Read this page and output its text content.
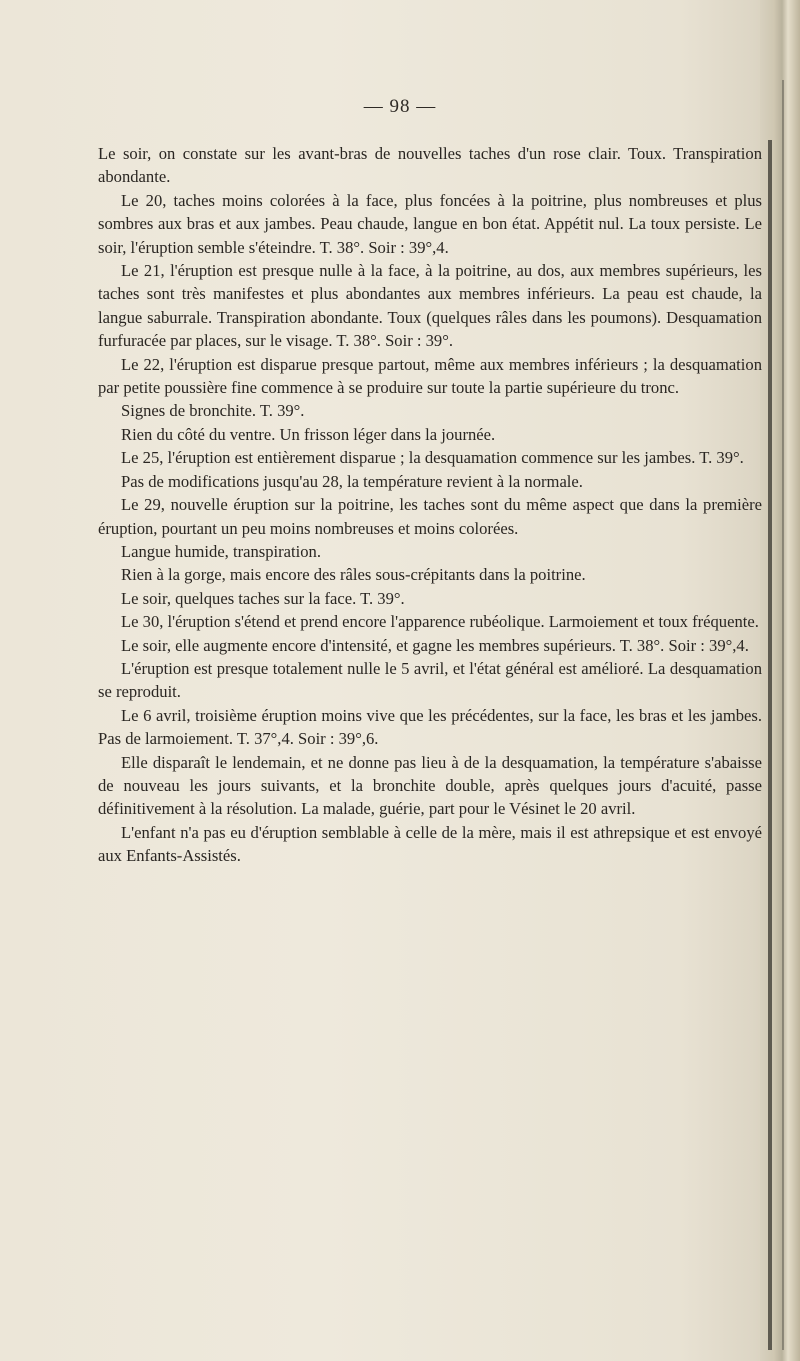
— 98 —

Le soir, on constate sur les avant-bras de nouvelles taches d'un rose clair. Toux. Transpiration abondante.

Le 20, taches moins colorées à la face, plus foncées à la poitrine, plus nombreuses et plus sombres aux bras et aux jambes. Peau chaude, langue en bon état. Appétit nul. La toux persiste. Le soir, l'éruption semble s'éteindre. T. 38°. Soir : 39°,4.

Le 21, l'éruption est presque nulle à la face, à la poitrine, au dos, aux membres supérieurs, les taches sont très manifestes et plus abondantes aux membres inférieurs. La peau est chaude, la langue saburrale. Transpiration abondante. Toux (quelques râles dans les poumons). Desquamation furfuracée par places, sur le visage. T. 38°. Soir : 39°.

Le 22, l'éruption est disparue presque partout, même aux membres inférieurs ; la desquamation par petite poussière fine commence à se produire sur toute la partie supérieure du tronc.

Signes de bronchite. T. 39°.

Rien du côté du ventre. Un frisson léger dans la journée.

Le 25, l'éruption est entièrement disparue ; la desquamation commence sur les jambes. T. 39°.

Pas de modifications jusqu'au 28, la température revient à la normale.

Le 29, nouvelle éruption sur la poitrine, les taches sont du même aspect que dans la première éruption, pourtant un peu moins nombreuses et moins colorées.

Langue humide, transpiration.

Rien à la gorge, mais encore des râles sous-crépitants dans la poitrine.

Le soir, quelques taches sur la face. T. 39°.

Le 30, l'éruption s'étend et prend encore l'apparence rubéolique. Larmoiement et toux fréquente.

Le soir, elle augmente encore d'intensité, et gagne les membres supérieurs. T. 38°. Soir : 39°,4.

L'éruption est presque totalement nulle le 5 avril, et l'état général est amélioré. La desquamation se reproduit.

Le 6 avril, troisième éruption moins vive que les précédentes, sur la face, les bras et les jambes. Pas de larmoiement. T. 37°,4. Soir : 39°,6.

Elle disparaît le lendemain, et ne donne pas lieu à de la desquamation, la température s'abaisse de nouveau les jours suivants, et la bronchite double, après quelques jours d'acuité, passe définitivement à la résolution. La malade, guérie, part pour le Vésinet le 20 avril.

L'enfant n'a pas eu d'éruption semblable à celle de la mère, mais il est athrepsique et est envoyé aux Enfants-Assistés.
